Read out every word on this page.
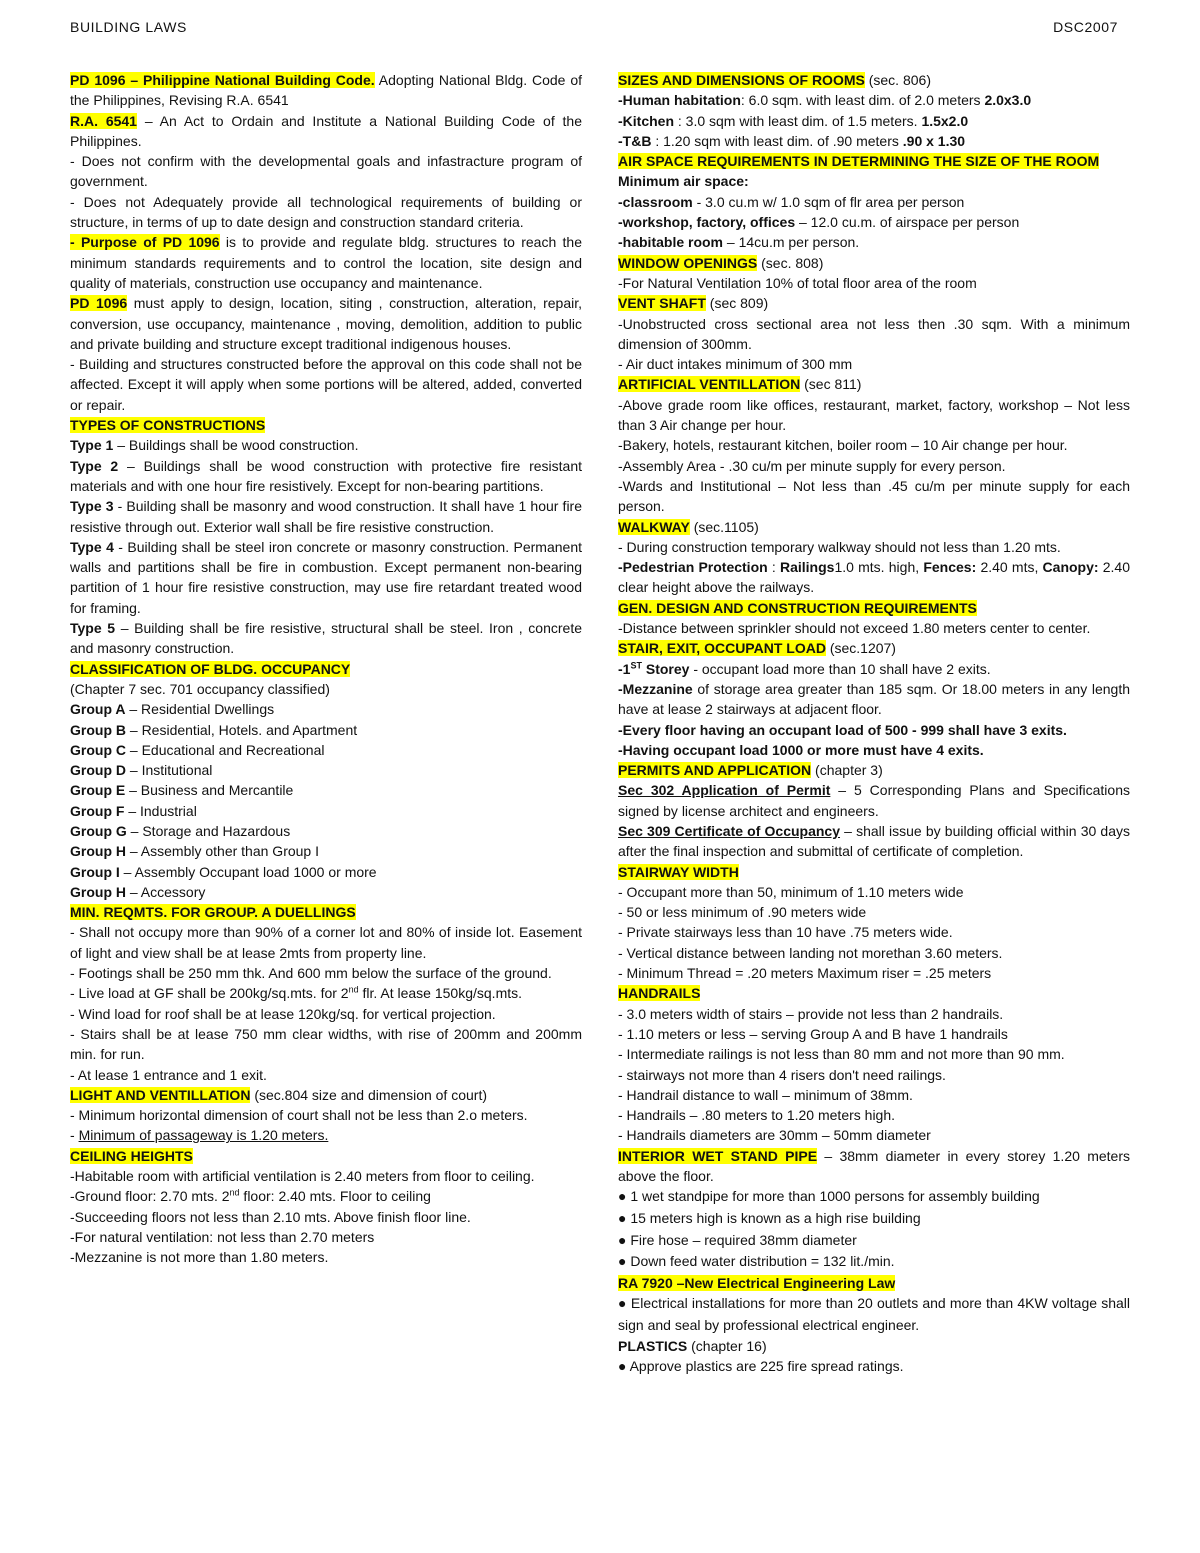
BUILDING LAWS	DSC2007

PD 1096 – Philippine National Building Code. Adopting National Bldg. Code of the Philippines, Revising R.A. 6541

R.A. 6541 – An Act to Ordain and Institute a National Building Code of the Philippines.

- Does not confirm with the developmental goals and infastracture program of government.

- Does not Adequately provide all technological requirements of building or structure, in terms of up to date design and construction standard criteria.

- Purpose of PD 1096 is to provide and regulate bldg. structures to reach the minimum standards requirements and to control the location, site design and quality of materials, construction use occupancy and maintenance.

PD 1096 must apply to design, location, siting , construction, alteration, repair, conversion, use occupancy, maintenance , moving, demolition, addition to public and private building and structure except traditional indigenous houses.

- Building and structures constructed before the approval on this code shall not be affected. Except it will apply when some portions will be altered, added, converted or repair.

TYPES OF CONSTRUCTIONS

Type 1 – Buildings shall be wood construction.

Type 2 – Buildings shall be wood construction with protective fire resistant materials and with one hour fire resistively. Except for non-bearing partitions.

Type 3 - Building shall be masonry and wood construction. It shall have 1 hour fire resistive through out. Exterior wall shall be fire resistive construction.

Type 4 - Building shall be steel iron concrete or masonry construction. Permanent walls and partitions shall be fire in combustion. Except permanent non-bearing partition of 1 hour fire resistive construction, may use fire retardant treated wood for framing.

Type 5 – Building shall be fire resistive, structural shall be steel. Iron , concrete and masonry construction.

CLASSIFICATION OF BLDG. OCCUPANCY

(Chapter 7 sec. 701 occupancy classified)

Group A – Residential Dwellings

Group B – Residential, Hotels. and Apartment

Group C – Educational and Recreational

Group D – Institutional

Group E – Business and Mercantile

Group F – Industrial

Group G – Storage and Hazardous

Group H – Assembly other than Group I

Group I – Assembly Occupant load 1000 or more

Group H – Accessory

MIN. REQMTS. FOR GROUP. A DUELLINGS

- Shall not occupy more than 90% of a corner lot and 80% of inside lot. Easement of light and view shall be at lease 2mts from property line.

- Footings shall be 250 mm thk. And 600 mm below the surface of the ground.

- Live load at GF shall be 200kg/sq.mts. for 2nd flr. At lease 150kg/sq.mts.

- Wind load for roof shall be at lease 120kg/sq. for vertical projection.

- Stairs shall be at lease 750 mm clear widths, with rise of 200mm and 200mm min. for run.

- At lease 1 entrance and 1 exit.

LIGHT AND VENTILLATION (sec.804 size and dimension of court)

- Minimum horizontal dimension of court shall not be less than 2.o meters.

- Minimum of passageway is 1.20 meters.

CEILING HEIGHTS

-Habitable room with artificial ventilation is 2.40 meters from floor to ceiling.

-Ground floor: 2.70 mts. 2nd floor: 2.40 mts. Floor to ceiling

-Succeeding floors not less than 2.10 mts. Above finish floor line.

-For natural ventilation: not less than 2.70 meters

-Mezzanine is not more than 1.80 meters.

SIZES AND DIMENSIONS OF ROOMS (sec. 806)

-Human habitation: 6.0 sqm. with least dim. of 2.0 meters 2.0x3.0

-Kitchen : 3.0 sqm with least dim. of 1.5 meters. 1.5x2.0

-T&B : 1.20 sqm with least dim. of .90 meters .90 x 1.30

AIR SPACE REQUIREMENTS IN DETERMINING THE SIZE OF THE ROOM

Minimum air space:

-classroom - 3.0 cu.m w/ 1.0 sqm of flr area per person

-workshop, factory, offices – 12.0 cu.m. of airspace per person

-habitable room – 14cu.m per person.

WINDOW OPENINGS (sec. 808)

-For Natural Ventilation 10% of total floor area of the room

VENT SHAFT (sec 809)

-Unobstructed cross sectional area not less then .30 sqm. With a minimum dimension of 300mm.

- Air duct intakes minimum of 300 mm

ARTIFICIAL VENTILLATION (sec 811)

-Above grade room like offices, restaurant, market, factory, workshop – Not less than 3 Air change per hour.

-Bakery, hotels, restaurant kitchen, boiler room – 10 Air change per hour.

-Assembly Area - .30 cu/m per minute supply for every person.

-Wards and Institutional – Not less than .45 cu/m per minute supply for each person.

WALKWAY (sec.1105)

- During construction temporary walkway should not less than 1.20 mts.

-Pedestrian Protection : Railings1.0 mts. high, Fences: 2.40 mts, Canopy: 2.40 clear height above the railways.

GEN. DESIGN AND CONSTRUCTION REQUIREMENTS

-Distance between sprinkler should not exceed 1.80 meters center to center.

STAIR, EXIT, OCCUPANT LOAD (sec.1207)

-1ST Storey - occupant load more than 10 shall have 2 exits.

-Mezzanine of storage area greater than 185 sqm. Or 18.00 meters in any length have at lease 2 stairways at adjacent floor.

-Every floor having an occupant load of 500 - 999 shall have 3 exits.

-Having occupant load 1000 or more must have 4 exits.

PERMITS AND APPLICATION (chapter 3)

Sec 302 Application of Permit – 5 Corresponding Plans and Specifications signed by license architect and engineers.

Sec 309 Certificate of Occupancy – shall issue by building official within 30 days after the final inspection and submittal of certificate of completion.

STAIRWAY WIDTH

- Occupant more than 50, minimum of 1.10 meters wide

- 50 or less minimum of .90 meters wide

- Private stairways less than 10 have .75 meters wide.

- Vertical distance between landing not morethan 3.60 meters.

- Minimum Thread = .20 meters Maximum riser = .25 meters

HANDRAILS

- 3.0 meters width of stairs – provide not less than 2 handrails.

- 1.10 meters or less – serving Group A and B have 1 handrails

- Intermediate railings is not less than 80 mm and not more than 90 mm.

- stairways not more than 4 risers don't need railings.

- Handrail distance to wall – minimum of 38mm.

- Handrails – .80 meters to 1.20 meters high.

- Handrails diameters are 30mm – 50mm diameter

INTERIOR WET STAND PIPE – 38mm diameter in every storey 1.20 meters above the floor.

● 1 wet standpipe for more than 1000 persons for assembly building

● 15 meters high is known as a high rise building

● Fire hose – required 38mm diameter

● Down feed water distribution = 132 lit./min.

RA 7920 –New Electrical Engineering Law

● Electrical installations for more than 20 outlets and more than 4KW voltage shall sign and seal by professional electrical engineer.

PLASTICS (chapter 16)

● Approve plastics are 225 fire spread ratings.
